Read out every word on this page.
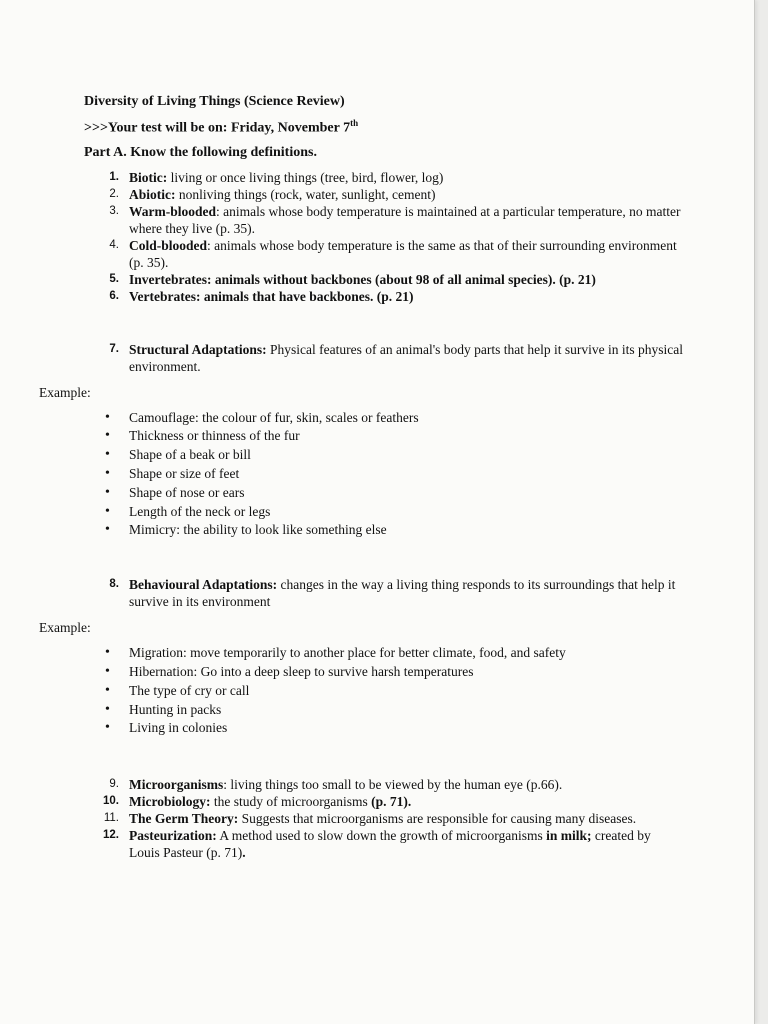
Diversity of Living Things (Science Review)
>>>Your test will be on: Friday, November 7th
Part A. Know the following definitions.
1. Biotic: living or once living things (tree, bird, flower, log)
2. Abiotic: nonliving things (rock, water, sunlight, cement)
3. Warm-blooded: animals whose body temperature is maintained at a particular temperature, no matter where they live (p. 35).
4. Cold-blooded: animals whose body temperature is the same as that of their surrounding environment (p. 35).
5. Invertebrates: animals without backbones (about 98 of all animal species). (p. 21)
6. Vertebrates: animals that have backbones. (p. 21)
7. Structural Adaptations: Physical features of an animal's body parts that help it survive in its physical environment.

Example:

• Camouflage: the colour of fur, skin, scales or feathers
• Thickness or thinness of the fur
• Shape of a beak or bill
• Shape or size of feet
• Shape of nose or ears
• Length of the neck or legs
• Mimicry: the ability to look like something else
8. Behavioural Adaptations: changes in the way a living thing responds to its surroundings that help it survive in its environment

Example:

• Migration: move temporarily to another place for better climate, food, and safety
• Hibernation: Go into a deep sleep to survive harsh temperatures
• The type of cry or call
• Hunting in packs
• Living in colonies
9. Microorganisms: living things too small to be viewed by the human eye (p.66).
10. Microbiology: the study of microorganisms (p. 71).
11. The Germ Theory: Suggests that microorganisms are responsible for causing many diseases.
12. Pasteurization: A method used to slow down the growth of microorganisms in milk; created by Louis Pasteur (p. 71).
